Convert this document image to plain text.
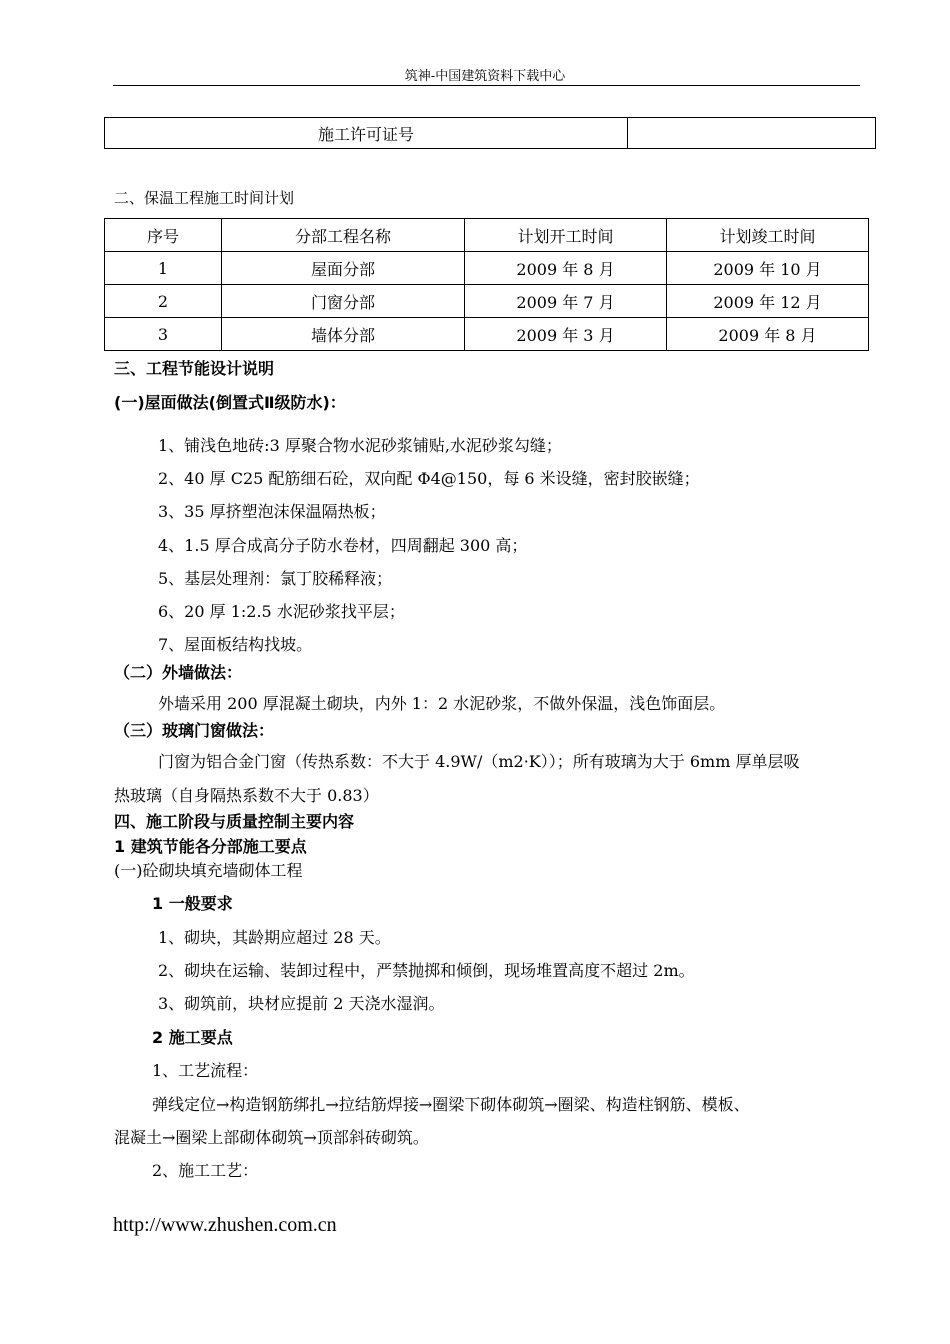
筑神-中国建筑资料下载中心
施工许可证号	
二、保温工程施工时间计划
序号	分部工程名称	计划开工时间	计划竣工时间
1	屋面分部	2009 年 8 月	2009 年 10 月
2	门窗分部	2009 年 7 月	2009 年 12 月
3	墙体分部	2009 年 3 月	2009 年 8 月
三、工程节能设计说明
(一)屋面做法(倒置式Ⅱ级防水)：
1、铺浅色地砖:3 厚聚合物水泥砂浆铺贴,水泥砂浆勾缝；
2、40 厚 C25 配筋细石砼，双向配 Φ4@150，每 6 米设缝，密封胶嵌缝；
3、35 厚挤塑泡沫保温隔热板；
4、1.5 厚合成高分子防水卷材，四周翻起 300 高；
5、基层处理剂：氯丁胶稀释液；
6、20 厚 1:2.5 水泥砂浆找平层；
7、屋面板结构找坡。
（二）外墙做法：
外墙采用 200 厚混凝土砌块，内外 1：2 水泥砂浆，不做外保温，浅色饰面层。
（三）玻璃门窗做法：
门窗为铝合金门窗（传热系数：不大于 4.9W/（m2·K））；所有玻璃为大于 6mm 厚单层吸
热玻璃（自身隔热系数不大于 0.83）
四、施工阶段与质量控制主要内容
1 建筑节能各分部施工要点
(一)砼砌块填充墙砌体工程
1 一般要求
1、砌块，其龄期应超过 28 天。
2、砌块在运输、装卸过程中，严禁抛掷和倾倒，现场堆置高度不超过 2m。
3、砌筑前，块材应提前 2 天浇水湿润。
2 施工要点
1、工艺流程：
弹线定位→构造钢筋绑扎→拉结筋焊接→圈梁下砌体砌筑→圈梁、构造柱钢筋、模板、
混凝土→圈梁上部砌体砌筑→顶部斜砖砌筑。
2、施工工艺：
http://www.zhushen.com.cn
